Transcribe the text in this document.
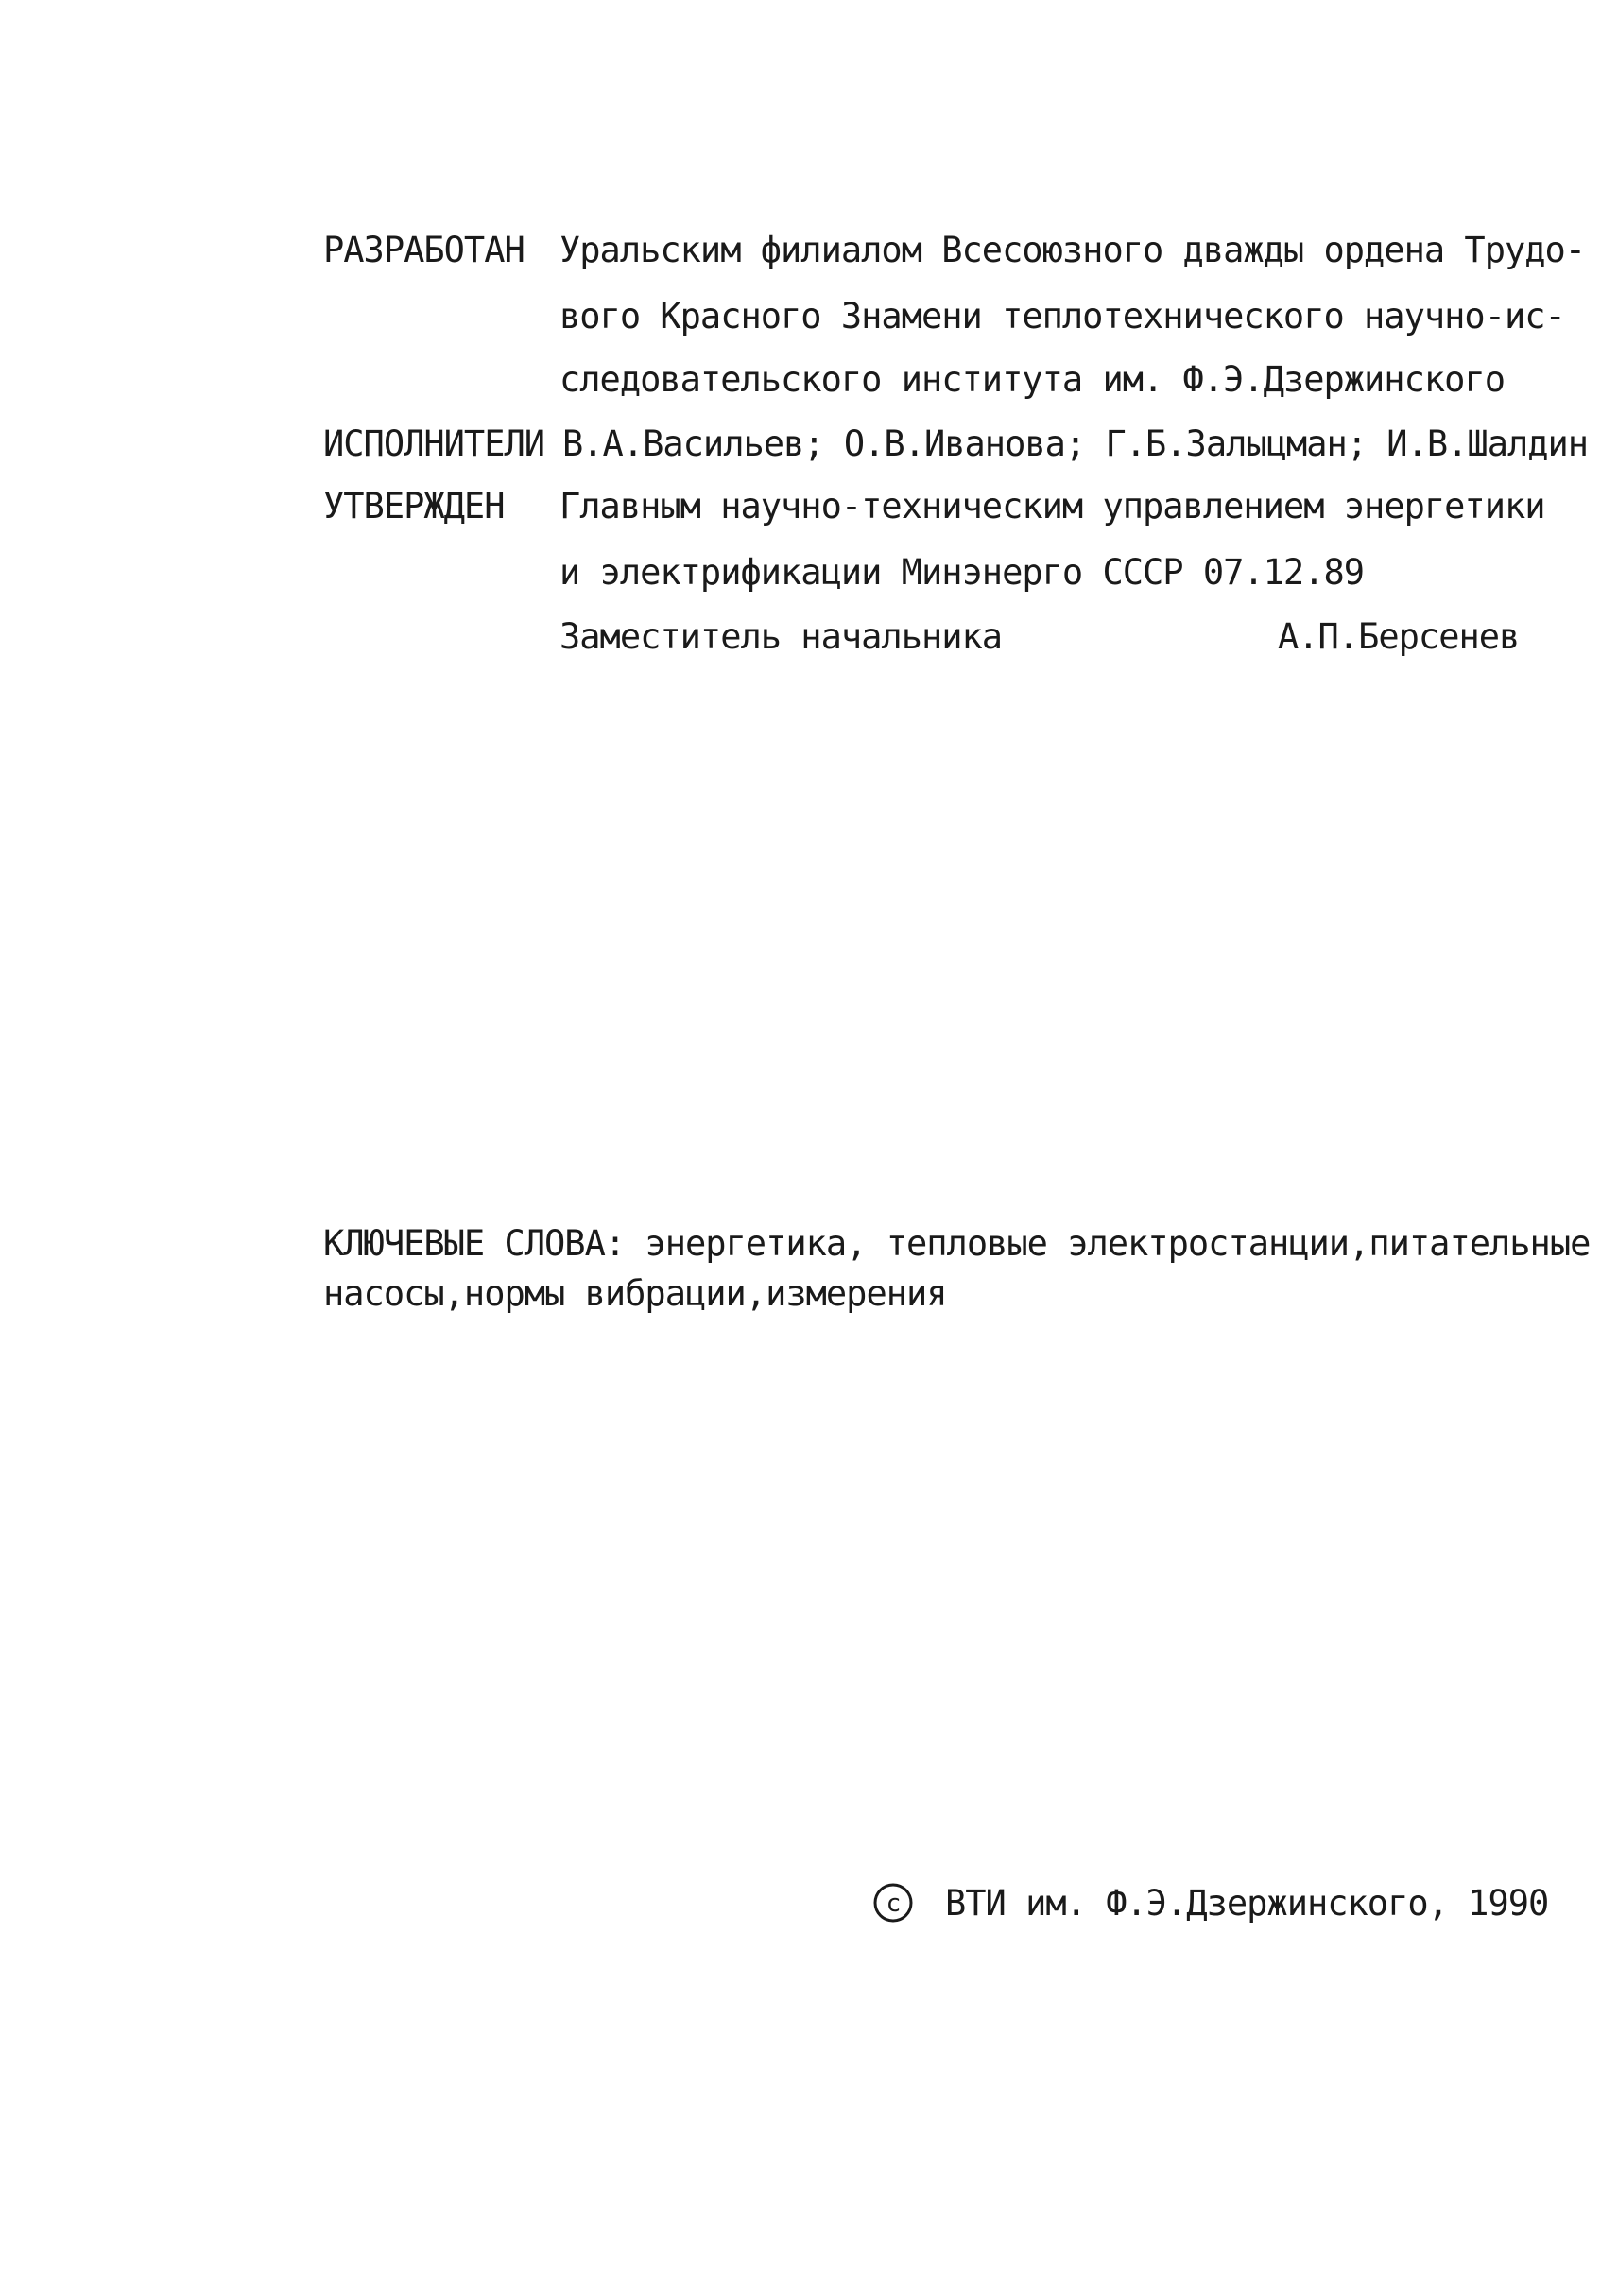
РАЗРАБОТАН Уральским филиалом Всесоюзного дважды ордена Трудо-
вого Красного Знамени теплотехнического научно-ис-
следовательского института им. Ф.Э.Дзержинского
ИСПОЛНИТЕЛИ В.А.Васильев; О.В.Иванова; Г.Б.Залыцман; И.В.Шалдин
УТВЕРЖДЕН Главным научно-техническим управлением энергетики
и электрификации Минэнерго СССР 07.12.89
Заместитель начальника	А.П.Берсенев
КЛЮЧЕВЫЕ СЛОВА: энергетика, тепловые электростанции,питательные
насосы,нормы вибрации,измерения
c ВТИ им. Ф.Э.Дзержинского, 1990
